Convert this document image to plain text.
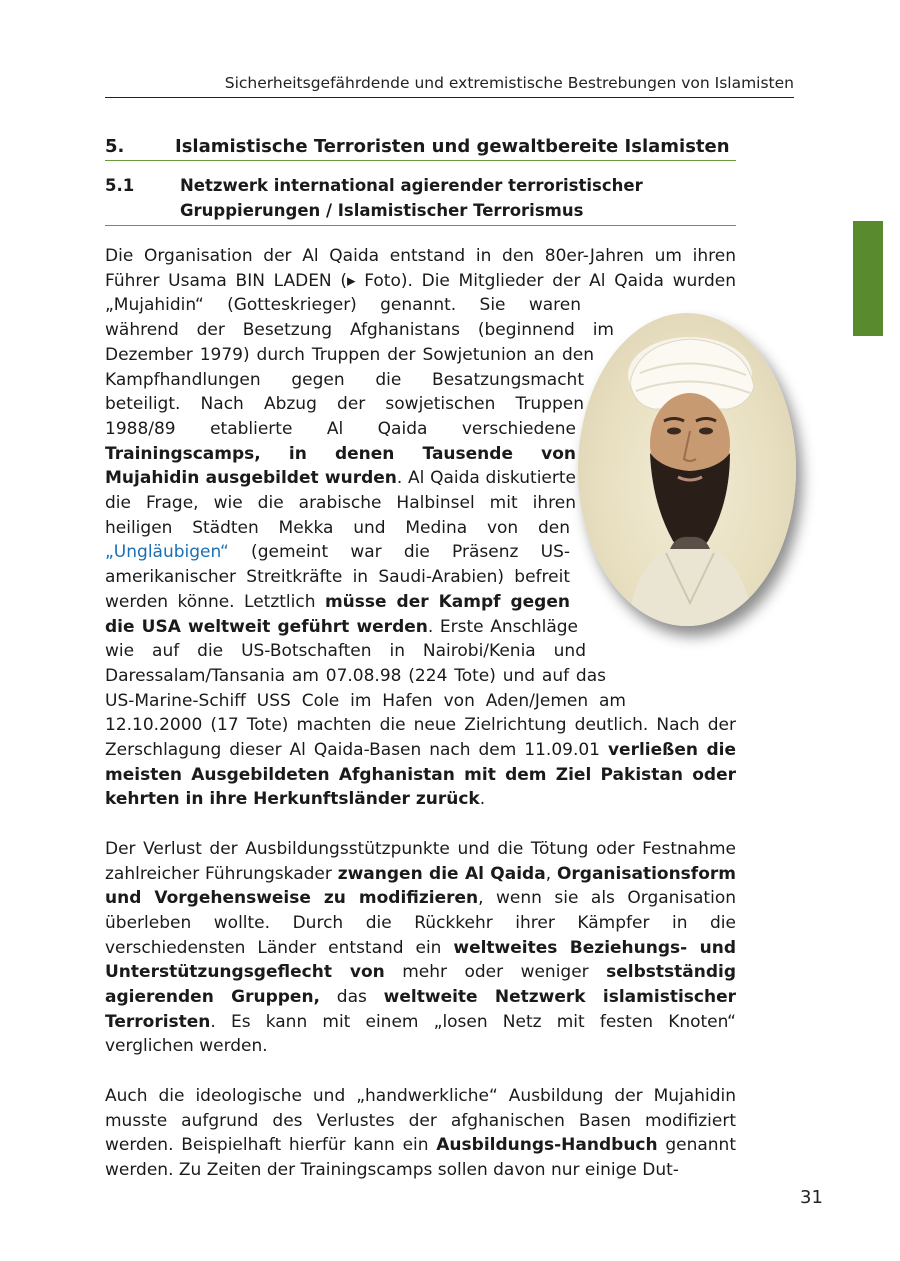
Sicherheitsgefährdende und extremistische Bestrebungen von Islamisten
5.	Islamistische Terroristen und gewaltbereite Islamisten
5.1	Netzwerk international agierender terroristischer
Gruppierungen / Islamistischer Terrorismus

Die Organisation der Al Qaida entstand in den 80er-Jahren um ihren Führer Usama BIN LADEN (▸ Foto). Die Mitglieder der Al Qaida wurden „Mujahidin“ (Gotteskrieger) genannt. Sie waren während der Besetzung Afghanistans (beginnend im Dezember 1979) durch Truppen der Sowjetunion an den Kampfhandlungen gegen die Besatzungsmacht beteiligt. Nach Abzug der sowjetischen Truppen 1988/89 etablierte Al Qaida verschiedene Trainingscamps, in denen Tausende von Mujahidin ausgebildet wurden. Al Qaida diskutierte die Frage, wie die arabische Halbinsel mit ihren heiligen Städten Mekka und Medina von den „Ungläubigen“ (gemeint war die Präsenz US-amerikanischer Streitkräfte in Saudi-Arabien) befreit werden könne. Letztlich müsse der Kampf gegen die USA weltweit geführt werden. Erste Anschläge wie auf die US-Botschaften in Nairobi/Kenia und Daressalam/Tansania am 07.08.98 (224 Tote) und auf das US-Marine-Schiff USS Cole im Hafen von Aden/Jemen am 12.10.2000 (17 Tote) machten die neue Zielrichtung deutlich. Nach der Zerschlagung dieser Al Qaida-Basen nach dem 11.09.01 verließen die meisten Ausgebildeten Afghanistan mit dem Ziel Pakistan oder kehrten in ihre Herkunftsländer zurück.

Der Verlust der Ausbildungsstützpunkte und die Tötung oder Festnahme zahlreicher Führungskader zwangen die Al Qaida, Organisationsform und Vorgehensweise zu modifizieren, wenn sie als Organisation überleben wollte. Durch die Rückkehr ihrer Kämpfer in die verschiedensten Länder entstand ein weltweites Beziehungs- und Unterstützungsgeflecht von mehr oder weniger selbstständig agierenden Gruppen, das weltweite Netzwerk islamistischer Terroristen. Es kann mit einem „losen Netz mit festen Knoten“ verglichen werden.

Auch die ideologische und „handwerkliche“ Ausbildung der Mujahidin musste aufgrund des Verlustes der afghanischen Basen modifiziert werden. Beispielhaft hierfür kann ein Ausbildungs-Handbuch genannt werden. Zu Zeiten der Trainingscamps sollen davon nur einige Dut-

31
